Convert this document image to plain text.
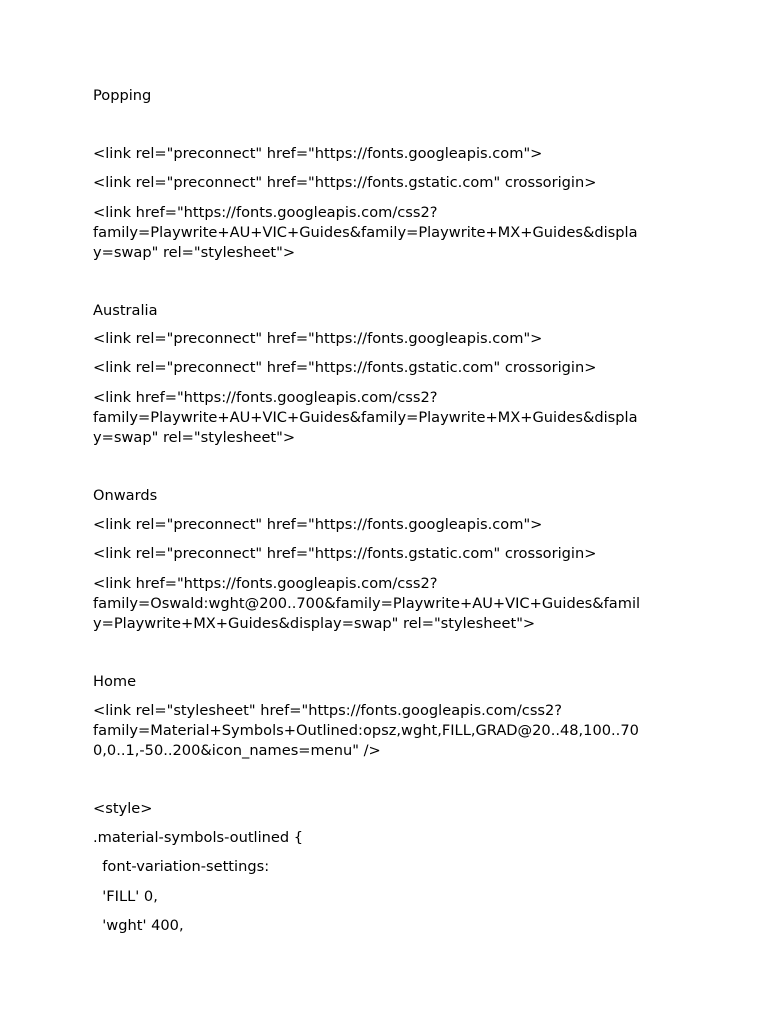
Popping

<link rel="preconnect" href="https://fonts.googleapis.com">

<link rel="preconnect" href="https://fonts.gstatic.com" crossorigin>

<link href="https://fonts.googleapis.com/css2?
family=Playwrite+AU+VIC+Guides&family=Playwrite+MX+Guides&displa
y=swap" rel="stylesheet">

Australia

<link rel="preconnect" href="https://fonts.googleapis.com">

<link rel="preconnect" href="https://fonts.gstatic.com" crossorigin>

<link href="https://fonts.googleapis.com/css2?
family=Playwrite+AU+VIC+Guides&family=Playwrite+MX+Guides&displa
y=swap" rel="stylesheet">

Onwards

<link rel="preconnect" href="https://fonts.googleapis.com">

<link rel="preconnect" href="https://fonts.gstatic.com" crossorigin>

<link href="https://fonts.googleapis.com/css2?
family=Oswald:wght@200..700&family=Playwrite+AU+VIC+Guides&famil
y=Playwrite+MX+Guides&display=swap" rel="stylesheet">

Home

<link rel="stylesheet" href="https://fonts.googleapis.com/css2?
family=Material+Symbols+Outlined:opsz,wght,FILL,GRAD@20..48,100..70
0,0..1,-50..200&icon_names=menu" />

<style>

.material-symbols-outlined {

font-variation-settings:

'FILL' 0,

'wght' 400,
